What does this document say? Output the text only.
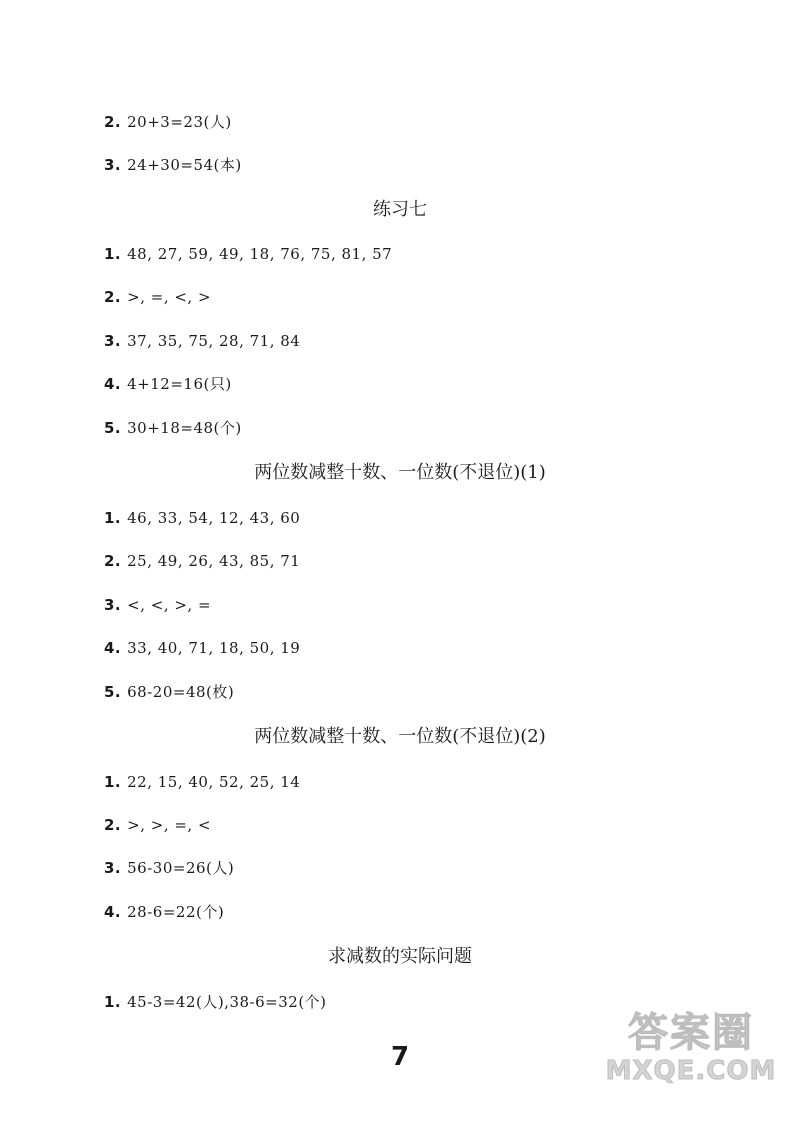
2. 20+3=23(人)
3. 24+30=54(本)
练习七
1. 48, 27, 59, 49, 18, 76, 75, 81, 57
2. >, =, <, >
3. 37, 35, 75, 28, 71, 84
4. 4+12=16(只)
5. 30+18=48(个)
两位数减整十数、一位数(不退位)(1)
1. 46, 33, 54, 12, 43, 60
2. 25, 49, 26, 43, 85, 71
3. <, <, >, =
4. 33, 40, 71, 18, 50, 19
5. 68-20=48(枚)
两位数减整十数、一位数(不退位)(2)
1. 22, 15, 40, 52, 25, 14
2. >, >, =, <
3. 56-30=26(人)
4. 28-6=22(个)
求减数的实际问题
1. 45-3=42(人),38-6=32(个)
7
答案圈
MXQE.COM
